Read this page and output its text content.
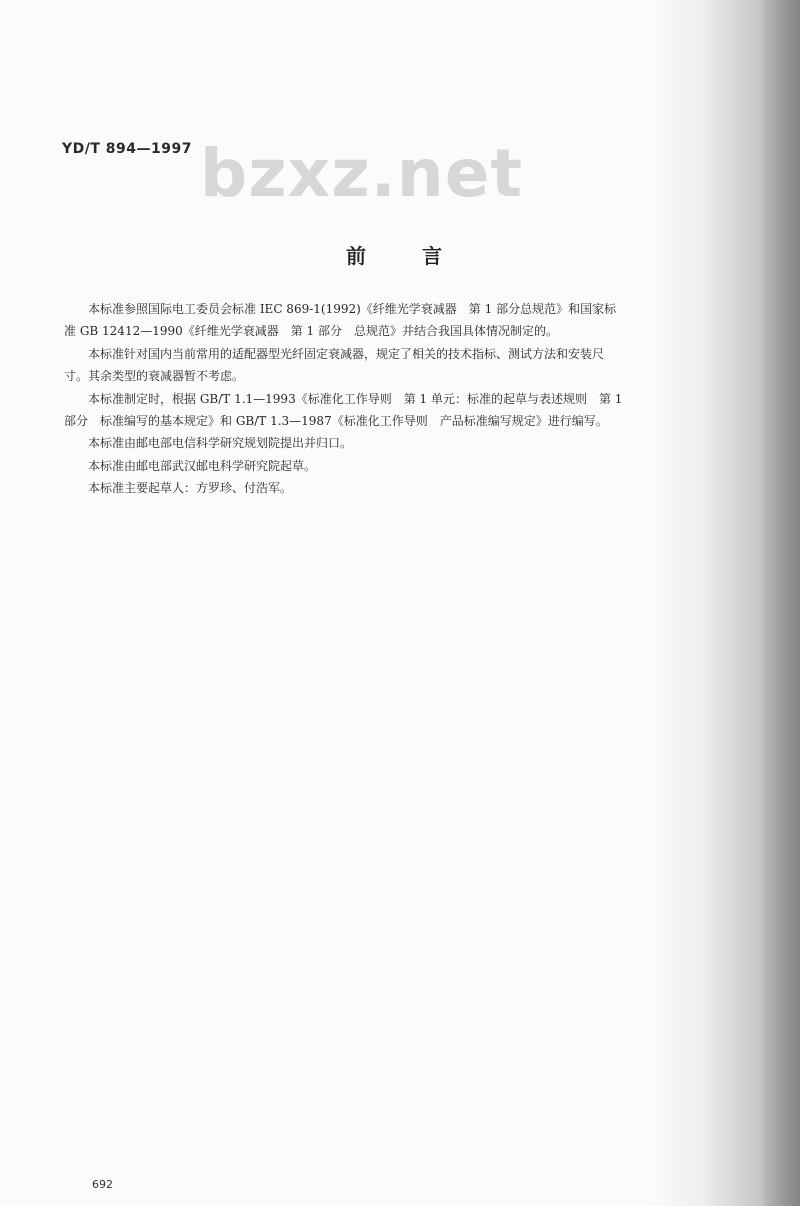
bzxz.net
YD/T 894—1997
前言

本标准参照国际电工委员会标准 IEC 869-1(1992)《纤维光学衰减器　第 1 部分总规范》和国家标

准 GB 12412—1990《纤维光学衰减器　第 1 部分　总规范》并结合我国具体情况制定的。

本标准针对国内当前常用的适配器型光纤固定衰减器，规定了相关的技术指标、测试方法和安装尺

寸。其余类型的衰减器暂不考虑。

本标准制定时，根据 GB/T 1.1—1993《标准化工作导则　第 1 单元：标准的起草与表述规则　第 1

部分　标准编写的基本规定》和 GB/T 1.3—1987《标准化工作导则　产品标准编写规定》进行编写。

本标准由邮电部电信科学研究规划院提出并归口。

本标准由邮电部武汉邮电科学研究院起草。

本标准主要起草人：方罗珍、付浩军。

692
